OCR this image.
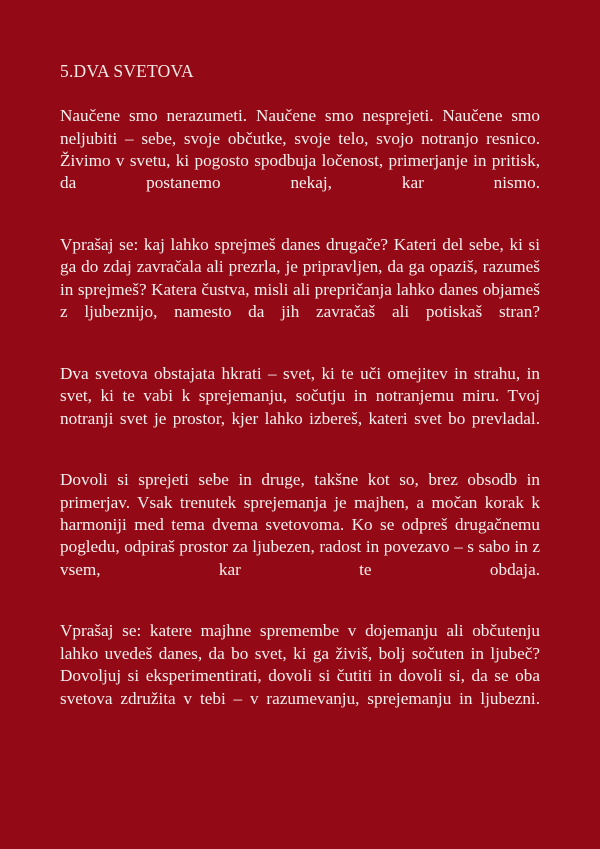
5.DVA SVETOVA

Naučene smo nerazumeti. Naučene smo nesprejeti. Naučene smo neljubiti – sebe, svoje občutke, svoje telo, svojo notranjo resnico. Živimo v svetu, ki pogosto spodbuja ločenost, primerjanje in pritisk, da postanemo nekaj, kar nismo.

Vprašaj se: kaj lahko sprejmeš danes drugače? Kateri del sebe, ki si ga do zdaj zavračala ali prezrla, je pripravljen, da ga opaziš, razumeš in sprejmeš? Katera čustva, misli ali prepričanja lahko danes objameš z ljubeznijo, namesto da jih zavračaš ali potiskaš stran?

Dva svetova obstajata hkrati – svet, ki te uči omejitev in strahu, in svet, ki te vabi k sprejemanju, sočutju in notranjemu miru. Tvoj notranji svet je prostor, kjer lahko izbereš, kateri svet bo prevladal.

Dovoli si sprejeti sebe in druge, takšne kot so, brez obsodb in primerjav. Vsak trenutek sprejemanja je majhen, a močan korak k harmoniji med tema dvema svetovoma. Ko se odpreš drugačnemu pogledu, odpiraš prostor za ljubezen, radost in povezavo – s sabo in z vsem, kar te obdaja.

Vprašaj se: katere majhne spremembe v dojemanju ali občutenju lahko uvedeš danes, da bo svet, ki ga živiš, bolj sočuten in ljubeč? Dovoljuj si eksperimentirati, dovoli si čutiti in dovoli si, da se oba svetova združita v tebi – v razumevanju, sprejemanju in ljubezni.
